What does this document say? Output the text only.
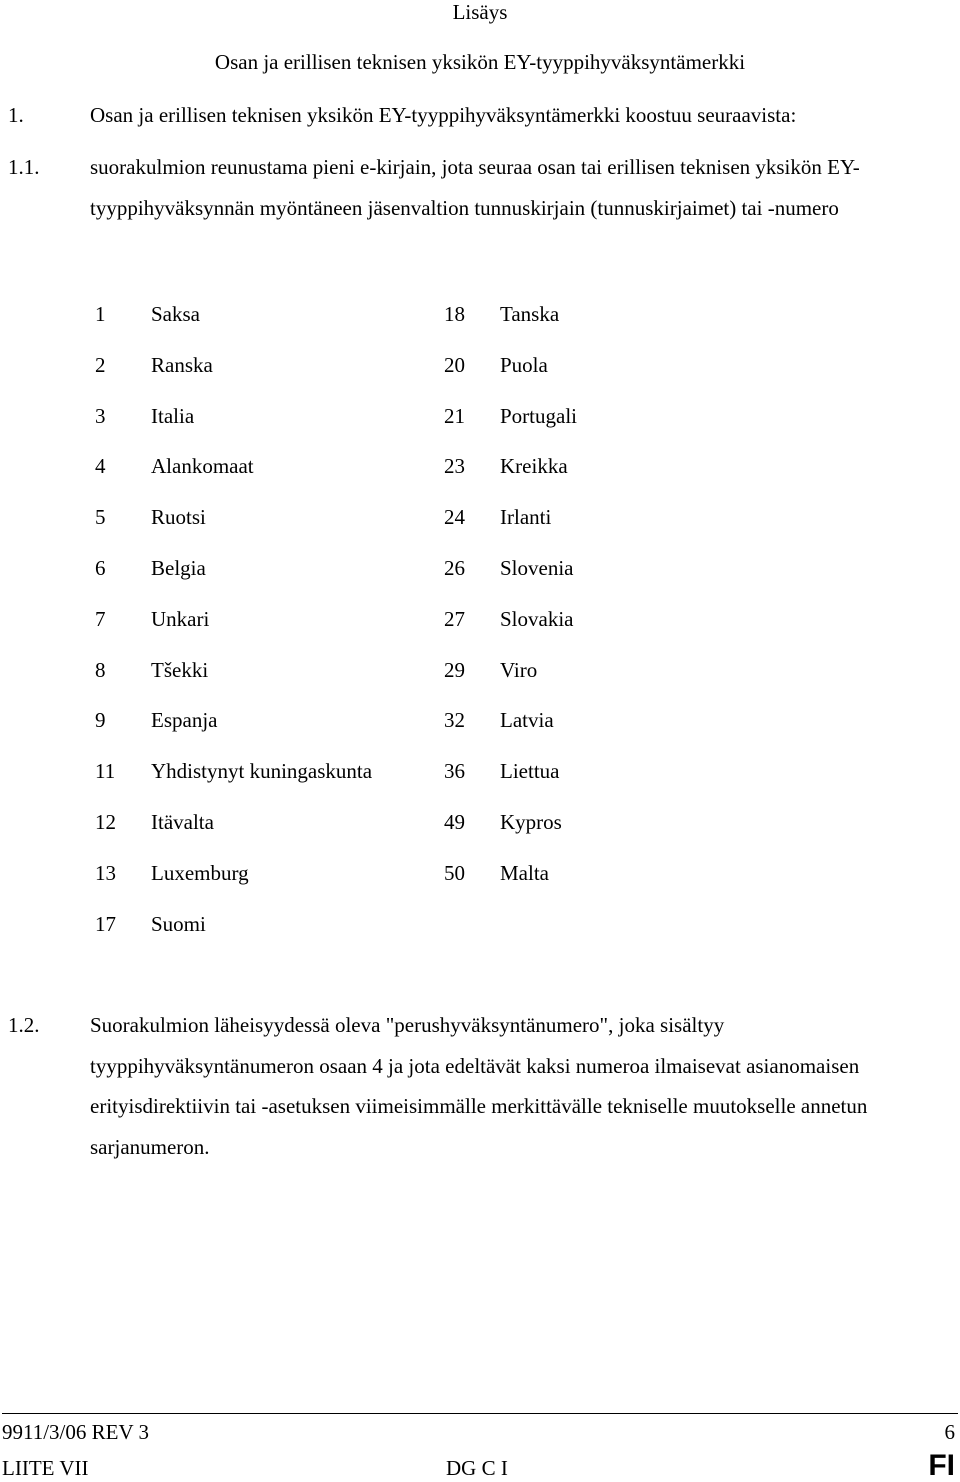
Lisäys
Osan ja erillisen teknisen yksikön EY-tyyppihyväksyntämerkki
1.	Osan ja erillisen teknisen yksikön EY-tyyppihyväksyntämerkki koostuu seuraavista:
1.1. suorakulmion reunustama pieni e-kirjain, jota seuraa osan tai erillisen teknisen yksikön EY-tyyppihyväksynnän myöntäneen jäsenvaltion tunnuskirjain (tunnuskirjaimet) tai -numero
1 Saksa	18 Tanska
2 Ranska	20 Puola
3 Italia	21 Portugali
4 Alankomaat	23 Kreikka
5 Ruotsi	24 Irlanti
6 Belgia	26 Slovenia
7 Unkari	27 Slovakia
8 Tšekki	29 Viro
9 Espanja	32 Latvia
11 Yhdistynyt kuningaskunta	36 Liettua
12 Itävalta	49 Kypros
13 Luxemburg	50 Malta
17 Suomi
1.2. Suorakulmion läheisyydessä oleva "perushyväksyntänumero", joka sisältyy tyyppihyväksyntänumeron osaan 4 ja jota edeltävät kaksi numeroa ilmaisevat asianomaisen erityisdirektiivin tai -asetuksen viimeisimmälle merkittävälle tekniselle muutokselle annetun sarjanumeron.
9911/3/06 REV 3	6
LIITE VII	DG C I	FI
